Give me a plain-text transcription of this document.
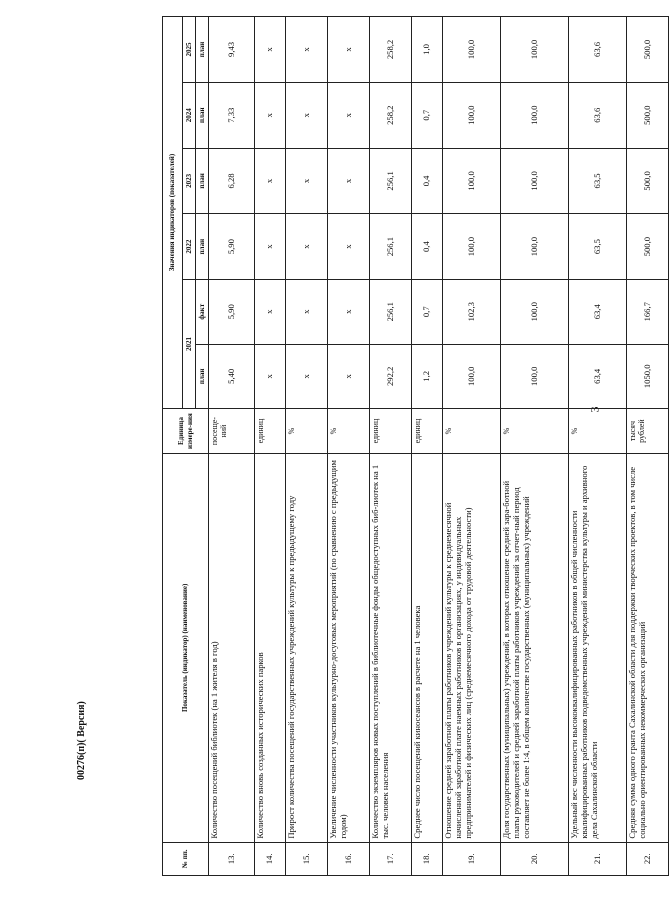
3
№ пп.	Показатель (индикатор) (наименование)	Единица измере-ния	Значения индикаторов (показателей)					
			2021		2022	2023	2024	2025
			план	факт	план	план	план	план
13.	Количество посещений библиотек (на 1 жителя в год)	посеще-ний	5,40	5,90	5,90	6,28	7,33	9,43
14.	Количество вновь созданных исторических парков	единиц	x	x	x	x	x	x
15.	Прирост количества посещений государственных учреждений культуры к предыдущему году	%	x	x	x	x	x	x
16.	Увеличение численности участников культурно-досуговых мероприятий (по сравнению с предыдущим годом)	%	x	x	x	x	x	x
17.	Количество экземпляров новых поступлений в библиотечные фонды общедоступных биб-лиотек на 1 тыс. человек населения	единиц	292,2	256,1	256,1	256,1	258,2	258,2
18.	Среднее число посещений киносеансов в расчете на 1 человека	единиц	1,2	0,7	0,4	0,4	0,7	1,0
19.	Отношение средней заработной платы работников учреждений культуры к среднемесячной начисленной заработной плате наемных работников в организациях, у индивидуальных предпринимателей и физических лиц (среднемесячного дохода от трудовой деятельности)	%	100,0	102,3	100,0	100,0	100,0	100,0
20.	Доля государственных (муниципальных) учреждений, в которых отношение средней зара-ботной платы руководителей и средней заработной платы работников учреждений за отчет-ный период составляет не более 1:4, в общем количестве государственных (муниципальных) учреждений	%	100,0	100,0	100,0	100,0	100,0	100,0
21.	Удельный вес численности высококвалифицированных работников в общей численности квалифицированных работников подведомственных учреждений министерства культуры и архивного дела Сахалинской области	%	63,4	63,4	63,5	63,5	63,6	63,6
22.	Средняя сумма одного гранта Сахалинской области для поддержки творческих проектов, в том числе социально ориентированных некоммерческих организаций	тысяч рублей	1050,0	166,7	500,0	500,0	500,0	500,0
00276(п)( Версия)
